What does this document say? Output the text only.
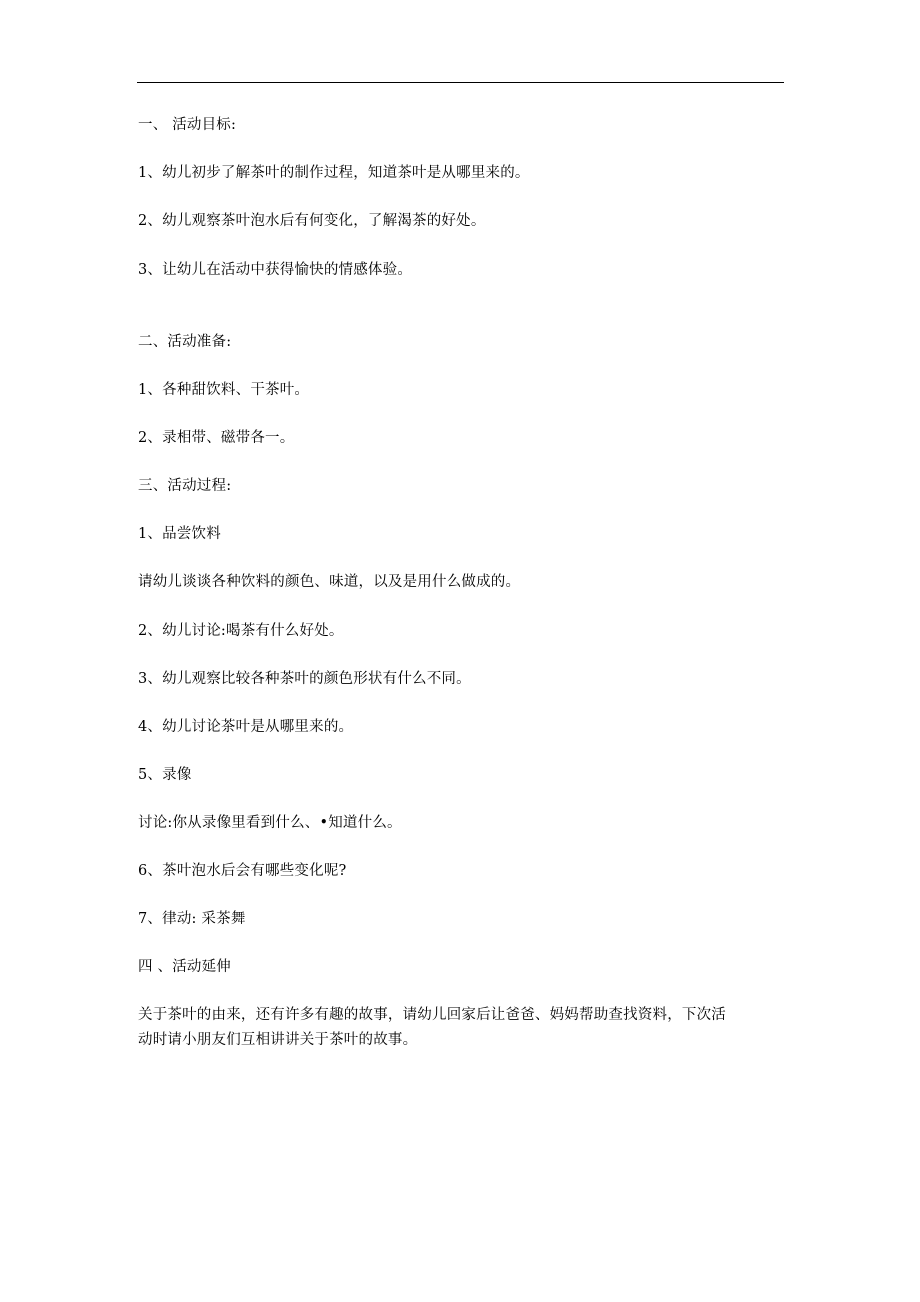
一、 活动目标:
1、幼儿初步了解茶叶的制作过程，知道茶叶是从哪里来的。
2、幼儿观察茶叶泡水后有何变化，了解渴茶的好处。
3、让幼儿在活动中获得愉快的情感体验。
二、活动准备:
1、各种甜饮料、干茶叶。
2、录相带、磁带各一。
三、活动过程:
1、品尝饮料
请幼儿谈谈各种饮料的颜色、味道，以及是用什么做成的。
2、幼儿讨论:喝茶有什么好处。
3、幼儿观察比较各种茶叶的颜色形状有什么不同。
4、幼儿讨论茶叶是从哪里来的。
5、录像
讨论:你从录像里看到什么、•知道什么。
6、茶叶泡水后会有哪些变化呢?
7、律动: 采茶舞
四 、活动延伸
关于茶叶的由来，还有许多有趣的故事，请幼儿回家后让爸爸、妈妈帮助查找资料，下次活
动时请小朋友们互相讲讲关于茶叶的故事。
